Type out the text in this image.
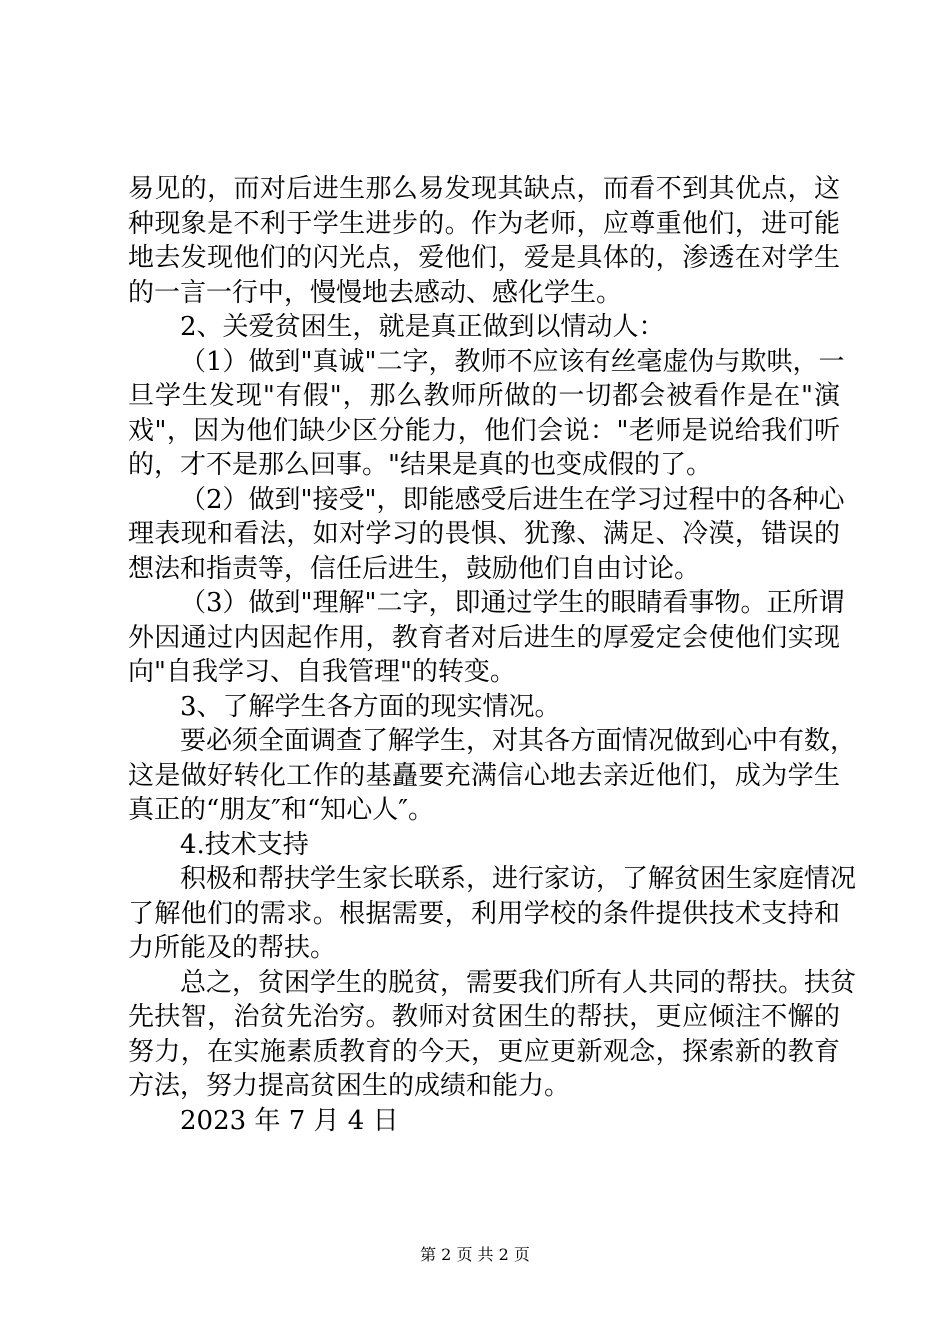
易见的，而对后进生那么易发现其缺点，而看不到其优点，这
种现象是不利于学生进步的。作为老师，应尊重他们，进可能
地去发现他们的闪光点，爱他们，爱是具体的，渗透在对学生
的一言一行中，慢慢地去感动、感化学生。
2、关爱贫困生，就是真正做到以情动人：
（1）做到"真诚"二字，教师不应该有丝毫虚伪与欺哄，一
旦学生发现"有假"，那么教师所做的一切都会被看作是在"演
戏"，因为他们缺少区分能力，他们会说："老师是说给我们听
的，才不是那么回事。"结果是真的也变成假的了。
（2）做到"接受"，即能感受后进生在学习过程中的各种心
理表现和看法，如对学习的畏惧、犹豫、满足、冷漠，错误的
想法和指责等，信任后进生，鼓励他们自由讨论。
（3）做到"理解"二字，即通过学生的眼睛看事物。正所谓
外因通过内因起作用，教育者对后进生的厚爱定会使他们实现
向"自我学习、自我管理"的转变。
3、了解学生各方面的现实情况。
要必须全面调查了解学生，对其各方面情况做到心中有数，
这是做好转化工作的基矗要充满信心地去亲近他们，成为学生
真正的“朋友″和“知心人″。
4.技术支持
积极和帮扶学生家长联系，进行家访，了解贫困生家庭情况
了解他们的需求。根据需要，利用学校的条件提供技术支持和
力所能及的帮扶。
总之，贫困学生的脱贫，需要我们所有人共同的帮扶。扶贫
先扶智，治贫先治穷。教师对贫困生的帮扶，更应倾注不懈的
努力，在实施素质教育的今天，更应更新观念，探索新的教育
方法，努力提高贫困生的成绩和能力。
2023 年 7 月 4 日
第 2 页 共 2 页
